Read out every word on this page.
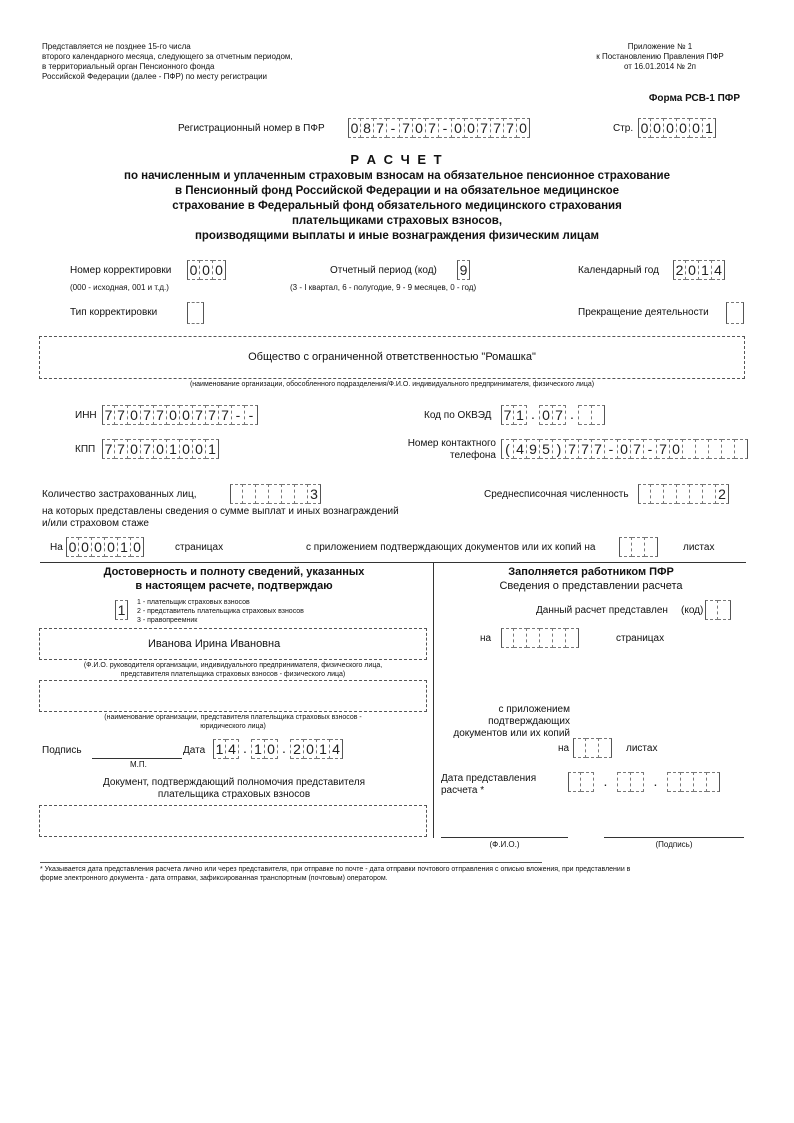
Представляется не позднее 15-го числа
второго календарного месяца, следующего за отчетным периодом,
в территориальный орган Пенсионного фонда
Российской Федерации (далее - ПФР) по месту регистрации
Приложение № 1
к Постановлению Правления ПФР
от 16.01.2014 № 2п
Форма РСВ-1 ПФР
Регистрационный номер в ПФР 0 8 7 - 7 0 7 - 0 0 7 7 7 0	Стр. 0 0 0 0 0 1
Р А С Ч Е Т
по начисленным и уплаченным страховым взносам на обязательное пенсионное страхование
в Пенсионный фонд Российской Федерации и на обязательное медицинское
страхование в Федеральный фонд обязательного медицинского страхования
плательщиками страховых взносов,
производящими выплаты и иные вознаграждения физическим лицам
Номер корректировки 0 0 0
(000 - исходная, 001 и т.д.)
Отчетный период (код) 9
(3 - I квартал, 6 - полугодие, 9 - 9 месяцев, 0 - год)
Календарный год 2 0 1 4
Тип корректировки	Прекращение деятельности
Общество с ограниченной ответственностью "Ромашка"
(наименование организации, обособленного подразделения/Ф.И.О. индивидуального предпринимателя, физического лица)
ИНН 7 7 0 7 7 0 0 7 7 7 - -	Код по ОКВЭД 7 1 . 0 7 .
КПП 7 7 0 7 0 1 0 0 1	Номер контактного
телефона ( 4 9 5 ) 7 7 7 - 0 7 - 7 0
Количество застрахованных лиц,
на которых представлены сведения о сумме выплат и иных вознаграждений
и/или страховом стаже
3	Среднесписочная численность	2
На 0 0 0 0 1 0	страницах	с приложением подтверждающих документов или их копий на	листах
Достоверность и полноту сведений, указанных
в настоящем расчете, подтверждаю
1	1 - плательщик страховых взносов
2 - представитель плательщика страховых взносов
3 - правопреемник
Иванова Ирина Ивановна
(Ф.И.О. руководителя организации, индивидуального предпринимателя, физического лица,
представителя плательщика страховых взносов - физического лица)
(наименование организации, представителя плательщика страховых взносов -
юридического лица)
Подпись
М.П.
Дата 1 4 . 1 0 . 2 0 1 4
Документ, подтверждающий полномочия представителя
плательщика страховых взносов
Заполняется работником ПФР
Сведения о представлении расчета
Данный расчет представлен (код)
на	страницах
с приложением
подтверждающих
документов или их копий
на	листах
Дата представления
расчета *
.	.
(Ф.И.О.)	(Подпись)
* Указывается дата представления расчета лично или через представителя, при отправке по почте - дата отправки почтового отправления с описью вложения, при представлении в
форме электронного документа - дата отправки, зафиксированная транспортным (почтовым) оператором.
